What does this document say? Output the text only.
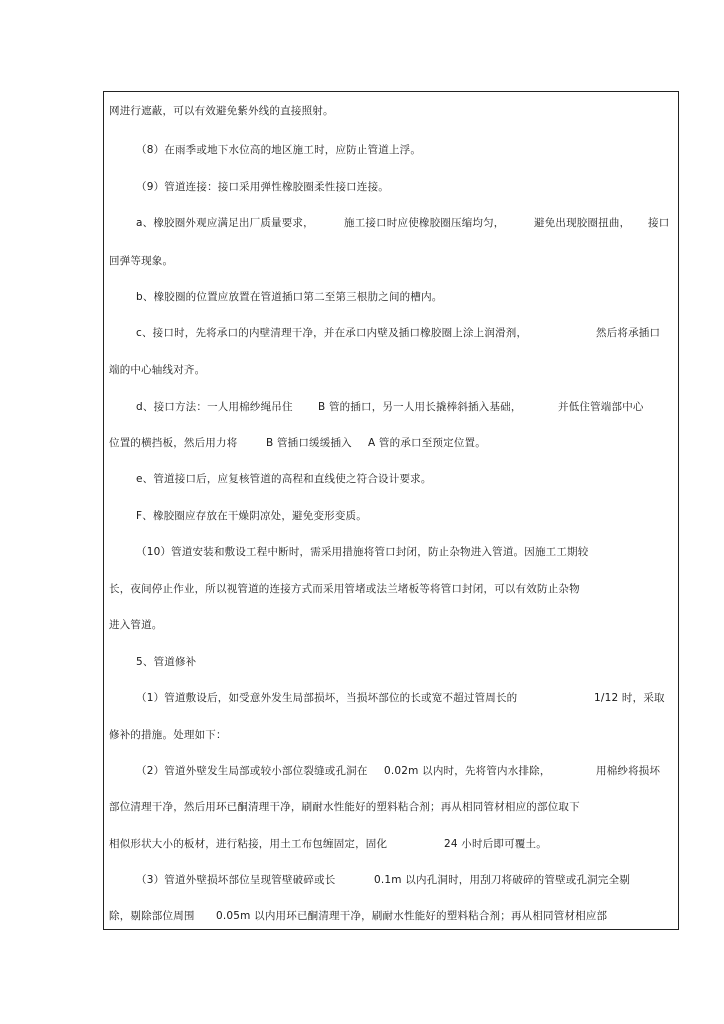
网进行遮蔽，可以有效避免紫外线的直接照射。
（8）在雨季或地下水位高的地区施工时，应防止管道上浮。
（9）管道连接：接口采用弹性橡胶圈柔性接口连接。
a、橡胶圈外观应满足出厂质量要求，	施工接口时应使橡胶圈压缩均匀，	避免出现胶圈扭曲， 接口
回弹等现象。
b、橡胶圈的位置应放置在管道插口第二至第三根肋之间的槽内。
c、接口时，先将承口的内壁清理干净，并在承口内壁及插口橡胶圈上涂上润滑剂，	然后将承插口
端的中心轴线对齐。
d、接口方法：一人用棉纱绳吊住 B 管的插口，另一人用长撬棒斜插入基础，	并低住管端部中心
位置的横挡板，然后用力将	B 管插口缓缓插入 A 管的承口至预定位置。
e、管道接口后，应复核管道的高程和直线使之符合设计要求。
F、橡胶圈应存放在干燥阴凉处，避免变形变质。
（10）管道安装和敷设工程中断时，需采用措施将管口封闭，防止杂物进入管道。因施工工期较
长，夜间停止作业，所以视管道的连接方式而采用管堵或法兰堵板等将管口封闭，可以有效防止杂物
进入管道。
5、管道修补
（1）管道敷设后，如受意外发生局部损坏，当损坏部位的长或宽不超过管周长的	1/12 时，采取
修补的措施。处理如下：
（2）管道外壁发生局部或较小部位裂缝或孔洞在 0.02m 以内时，先将管内水排除，	用棉纱将损坏
部位清理干净，然后用环已酮清理干净，刷耐水性能好的塑料粘合剂；再从相同管材相应的部位取下
相似形状大小的板材，进行粘接，用土工布包缠固定，固化	24 小时后即可覆土。
（3）管道外壁损坏部位呈现管壁破碎或长	0.1m 以内孔洞时，用刮刀将破碎的管壁或孔洞完全剔
除，剔除部位周围 0.05m 以内用环已酮清理干净，刷耐水性能好的塑料粘合剂；再从相同管材相应部
